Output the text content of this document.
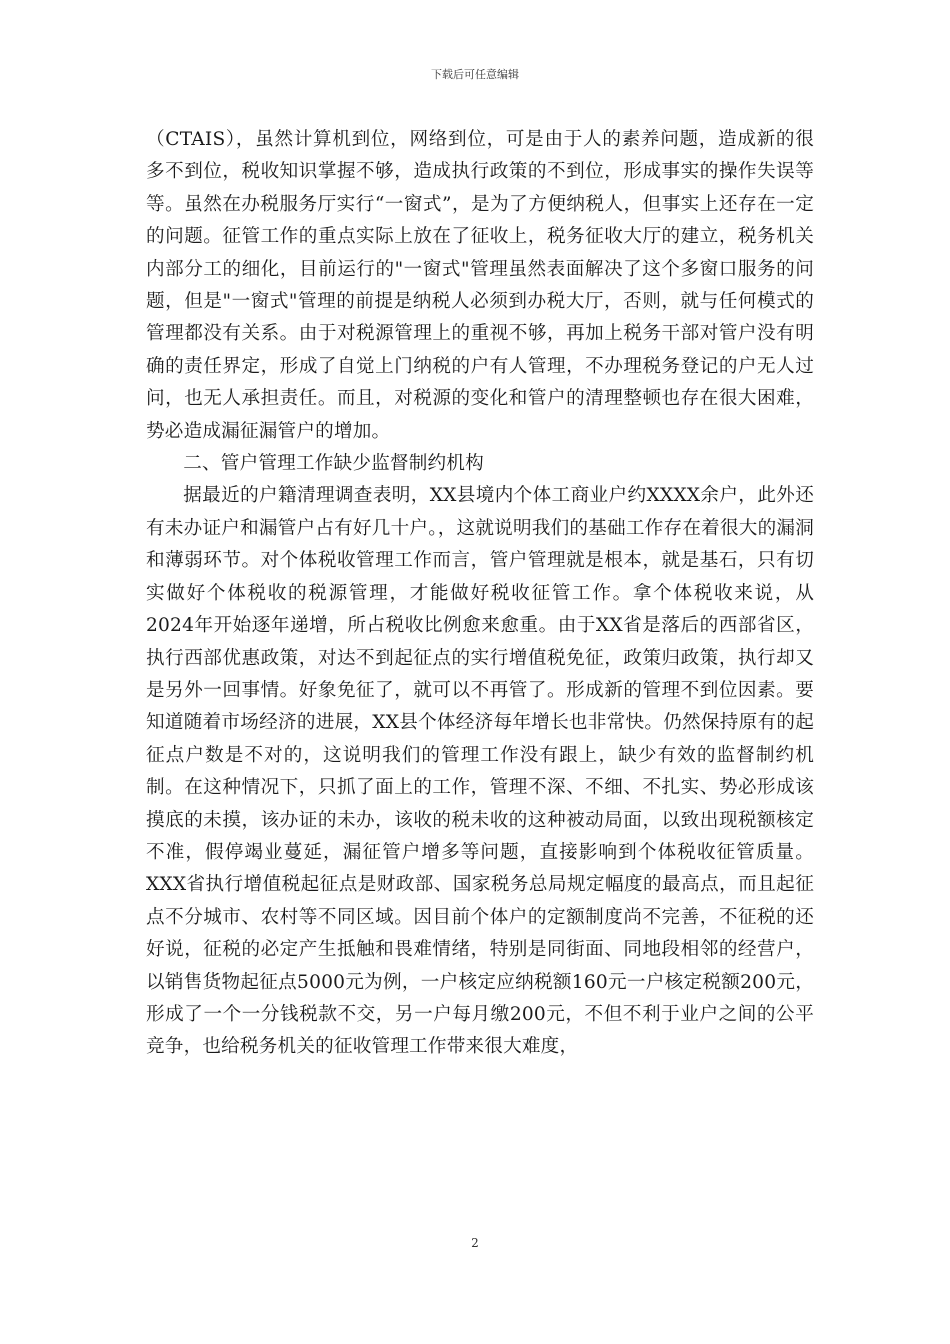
下载后可任意编辑

（CTAIS），虽然计算机到位，网络到位，可是由于人的素养问题，造成新的很多不到位，税收知识掌握不够，造成执行政策的不到位，形成事实的操作失误等等。虽然在办税服务厅实行“一窗式”，是为了方便纳税人，但事实上还存在一定的问题。征管工作的重点实际上放在了征收上，税务征收大厅的建立，税务机关内部分工的细化，目前运行的"一窗式"管理虽然表面解决了这个多窗口服务的问题，但是"一窗式"管理的前提是纳税人必须到办税大厅，否则，就与任何模式的管理都没有关系。由于对税源管理上的重视不够，再加上税务干部对管户没有明确的责任界定，形成了自觉上门纳税的户有人管理，不办理税务登记的户无人过问，也无人承担责任。而且，对税源的变化和管户的清理整顿也存在很大困难，势必造成漏征漏管户的增加。

二、管户管理工作缺少监督制约机构

据最近的户籍清理调查表明，XX县境内个体工商业户约XXXX余户，此外还有未办证户和漏管户占有好几十户。，这就说明我们的基础工作存在着很大的漏洞和薄弱环节。对个体税收管理工作而言，管户管理就是根本，就是基石，只有切实做好个体税收的税源管理，才能做好税收征管工作。拿个体税收来说，从2024年开始逐年递增，所占税收比例愈来愈重。由于XX省是落后的西部省区，执行西部优惠政策，对达不到起征点的实行增值税免征，政策归政策，执行却又是另外一回事情。好象免征了，就可以不再管了。形成新的管理不到位因素。要知道随着市场经济的进展，XX县个体经济每年增长也非常快。仍然保持原有的起征点户数是不对的，这说明我们的管理工作没有跟上，缺少有效的监督制约机制。在这种情况下，只抓了面上的工作，管理不深、不细、不扎实、势必形成该摸底的未摸，该办证的未办，该收的税未收的这种被动局面，以致出现税额核定不准，假停竭业蔓延，漏征管户增多等问题，直接影响到个体税收征管质量。XXX省执行增值税起征点是财政部、国家税务总局规定幅度的最高点，而且起征点不分城市、农村等不同区域。因目前个体户的定额制度尚不完善，不征税的还好说，征税的必定产生抵触和畏难情绪，特别是同街面、同地段相邻的经营户，以销售货物起征点5000元为例，一户核定应纳税额160元一户核定税额200元，形成了一个一分钱税款不交，另一户每月缴200元，不但不利于业户之间的公平竞争，也给税务机关的征收管理工作带来很大难度，

2
